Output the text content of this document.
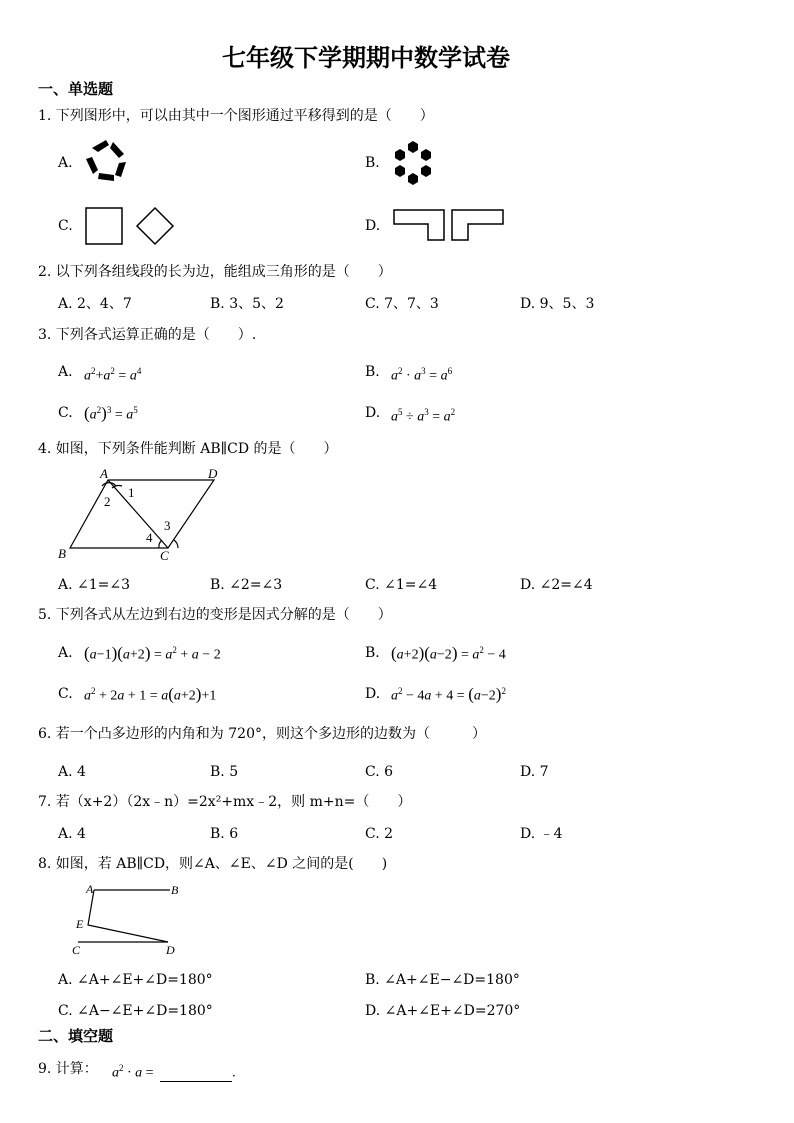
七年级下学期期中数学试卷
一、单选题
1. 下列图形中，可以由其中一个图形通过平移得到的是（　　）
A.	B.
C.	D.
2. 以下列各组线段的长为边，能组成三角形的是（　　）
A. 2、4、7	B. 3、5、2	C. 7、7、3	D. 9、5、3
3. 下列各式运算正确的是（　　）.
A. $a^2+a^2 = a^4$	B. $a^2 \cdot a^3 = a^6$
C. $(a^2)^3 = a^5$	D. $a^5 \div a^3 = a^2$
4. 如图，下列条件能判断 AB∥CD 的是（　　）
A	D
B	C
1
2
3
4
A. ∠1=∠3	B. ∠2=∠3	C. ∠1=∠4	D. ∠2=∠4
5. 下列各式从左边到右边的变形是因式分解的是（　　）
A. $(a-1)(a+2) = a^2 + a - 2$	B. $(a+2)(a-2) = a^2 - 4$
C. $a^2 + 2a + 1 = a(a+2)+1$	D. $a^2 - 4a + 4 = (a-2)^2$
6. 若一个凸多边形的内角和为 720°，则这个多边形的边数为（　　　）
A. 4	B. 5	C. 6	D. 7
7. 若（x+2）（2x﹣n）=2x²+mx﹣2，则 m+n=（　　）
A. 4	B. 6	C. 2	D. ﹣4
8. 如图，若 AB∥CD，则∠A、∠E、∠D 之间的是(　　)
A	B
E
C	D
A. ∠A+∠E+∠D=180°	B. ∠A+∠E−∠D=180°
C. ∠A−∠E+∠D=180°	D. ∠A+∠E+∠D=270°
二、填空题
9. 计算： $a^2 \cdot a$ =	.
